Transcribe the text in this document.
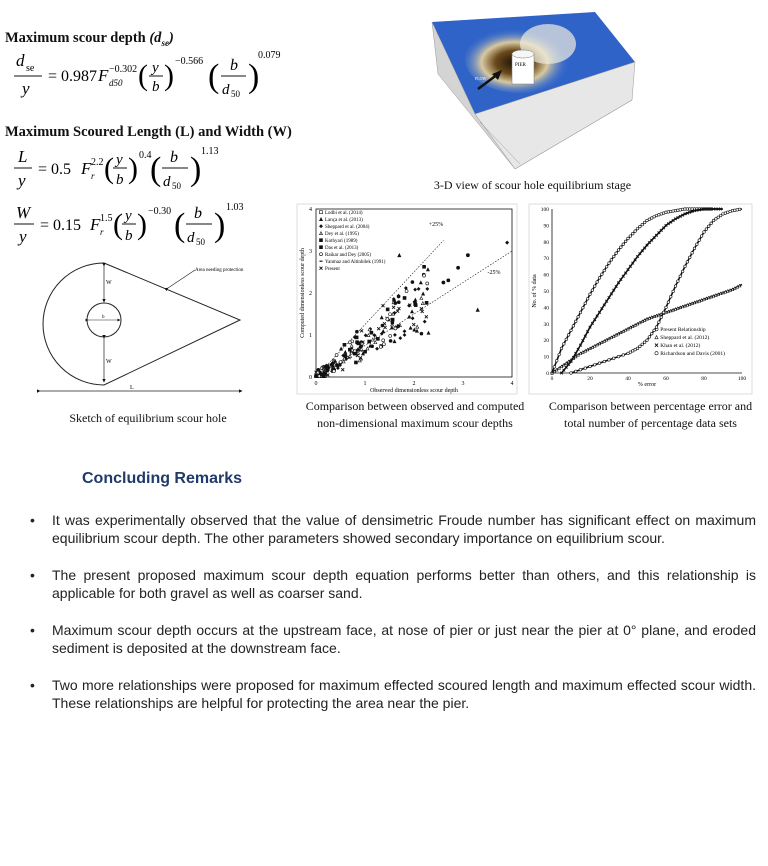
Maximum scour depth $(d_{se})$
d se
y
= 0.987 F d50
−0.302 ( y
b ) −0.566 ( b
d 50 )
0.079
Maximum Scoured Length (L) and Width (W)
L
y
= 0.5 F r
2.2 ( y
b ) 0.4
( b
d 50 ) 1.13
W
y
= 0.15 F r
1.5 ( y
b ) −0.30 ( b
d 50 ) 1.03
Area needing protection
W
W
b
L
Sketch of equilibrium scour hole
PIER
FLOW
3-D view of scour hole equilibrium stage
0	1	2	3	4
0
1
2
3
4
Observed dimensionless scour depth
Computed dimensionless scour depth
+25%
-25%
Lodhi et al. (2014)
Lança et al. (2013)
Sheppard et al. (2004)
Dey et al. (1995)
Kothyari (1989)
Das et al. (2013)
Raikar and Dey (2005)
Yanmaz and Altinbilek (1991)
Present
Comparison between observed and computed
non-dimensional maximum scour depths
0	20	40	60	80	100
0
10
20
30
40
50
60
70
80
90
100
% error
No. of % data
Present Relationship
Sheppard et al. (2012)
Khan et al. (2012)
Richardson and Davis (2001)
Comparison between percentage error and
total number of percentage data sets
Concluding Remarks
• It was experimentally observed that the value of densimetric Froude number has significant effect on maximum equilibrium scour depth. The other parameters showed secondary importance on equilibrium scour.
• The present proposed maximum scour depth equation performs better than others, and this relationship is applicable for both gravel as well as coarser sand.
• Maximum scour depth occurs at the upstream face, at nose of pier or just near the pier at 0° plane, and eroded sediment is deposited at the downstream face.
• Two more relationships were proposed for maximum effected scoured length and maximum effected scour width. These relationships are helpful for protecting the area near the pier.
